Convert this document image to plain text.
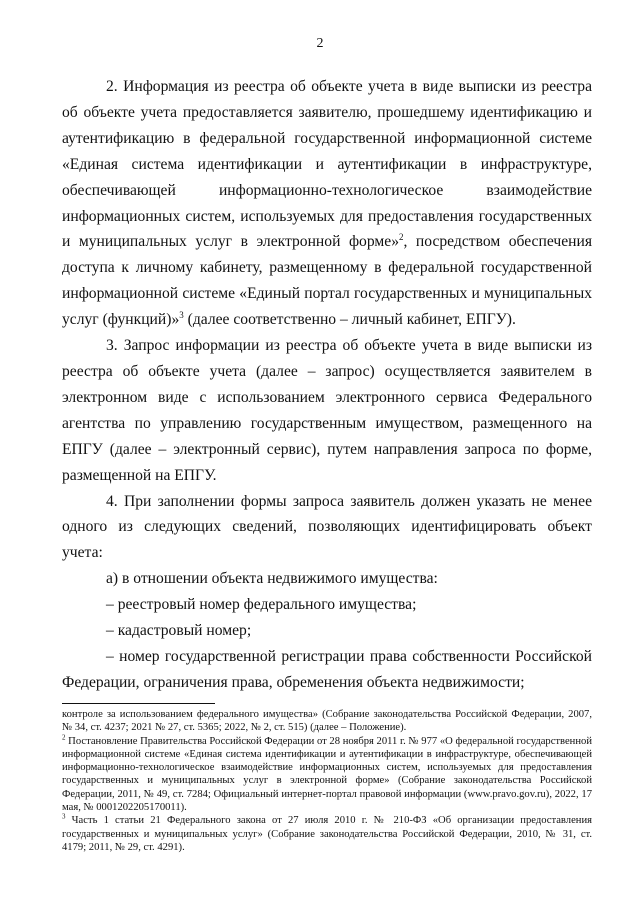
2

2. Информация из реестра об объекте учета в виде выписки из реестра об объекте учета предоставляется заявителю, прошедшему идентификацию и аутентификацию в федеральной государственной информационной системе «Единая система идентификации и аутентификации в инфраструктуре, обеспечивающей информационно-технологическое взаимодействие информационных систем, используемых для предоставления государственных и муниципальных услуг в электронной форме»$^2$, посредством обеспечения доступа к личному кабинету, размещенному в федеральной государственной информационной системе «Единый портал государственных и муниципальных услуг (функций)»$^3$ (далее соответственно – личный кабинет, ЕПГУ).

3. Запрос информации из реестра об объекте учета в виде выписки из реестра об объекте учета (далее – запрос) осуществляется заявителем в электронном виде с использованием электронного сервиса Федерального агентства по управлению государственным имуществом, размещенного на ЕПГУ (далее – электронный сервис), путем направления запроса по форме, размещенной на ЕПГУ.

4. При заполнении формы запроса заявитель должен указать не менее одного из следующих сведений, позволяющих идентифицировать объект учета:

а) в отношении объекта недвижимого имущества:

– реестровый номер федерального имущества;

– кадастровый номер;

– номер государственной регистрации права собственности Российской Федерации, ограничения права, обременения объекта недвижимости;

контроле за использованием федерального имущества» (Собрание законодательства Российской Федерации, 2007, № 34, ст. 4237; 2021 № 27, ст. 5365; 2022, № 2, ст. 515) (далее – Положение).

$^2$ Постановление Правительства Российской Федерации от 28 ноября 2011 г. № 977 «О федеральной государственной информационной системе «Единая система идентификации и аутентификации в инфраструктуре, обеспечивающей информационно-технологическое взаимодействие информационных систем, используемых для предоставления государственных и муниципальных услуг в электронной форме» (Собрание законодательства Российской Федерации, 2011, № 49, ст. 7284; Официальный интернет-портал правовой информации (www.pravo.gov.ru), 2022, 17 мая, № 0001202205170011).

$^3$ Часть 1 статьи 21 Федерального закона от 27 июля 2010 г. № 210-ФЗ «Об организации предоставления государственных и муниципальных услуг» (Собрание законодательства Российской Федерации, 2010, № 31, ст. 4179; 2011, № 29, ст. 4291).
